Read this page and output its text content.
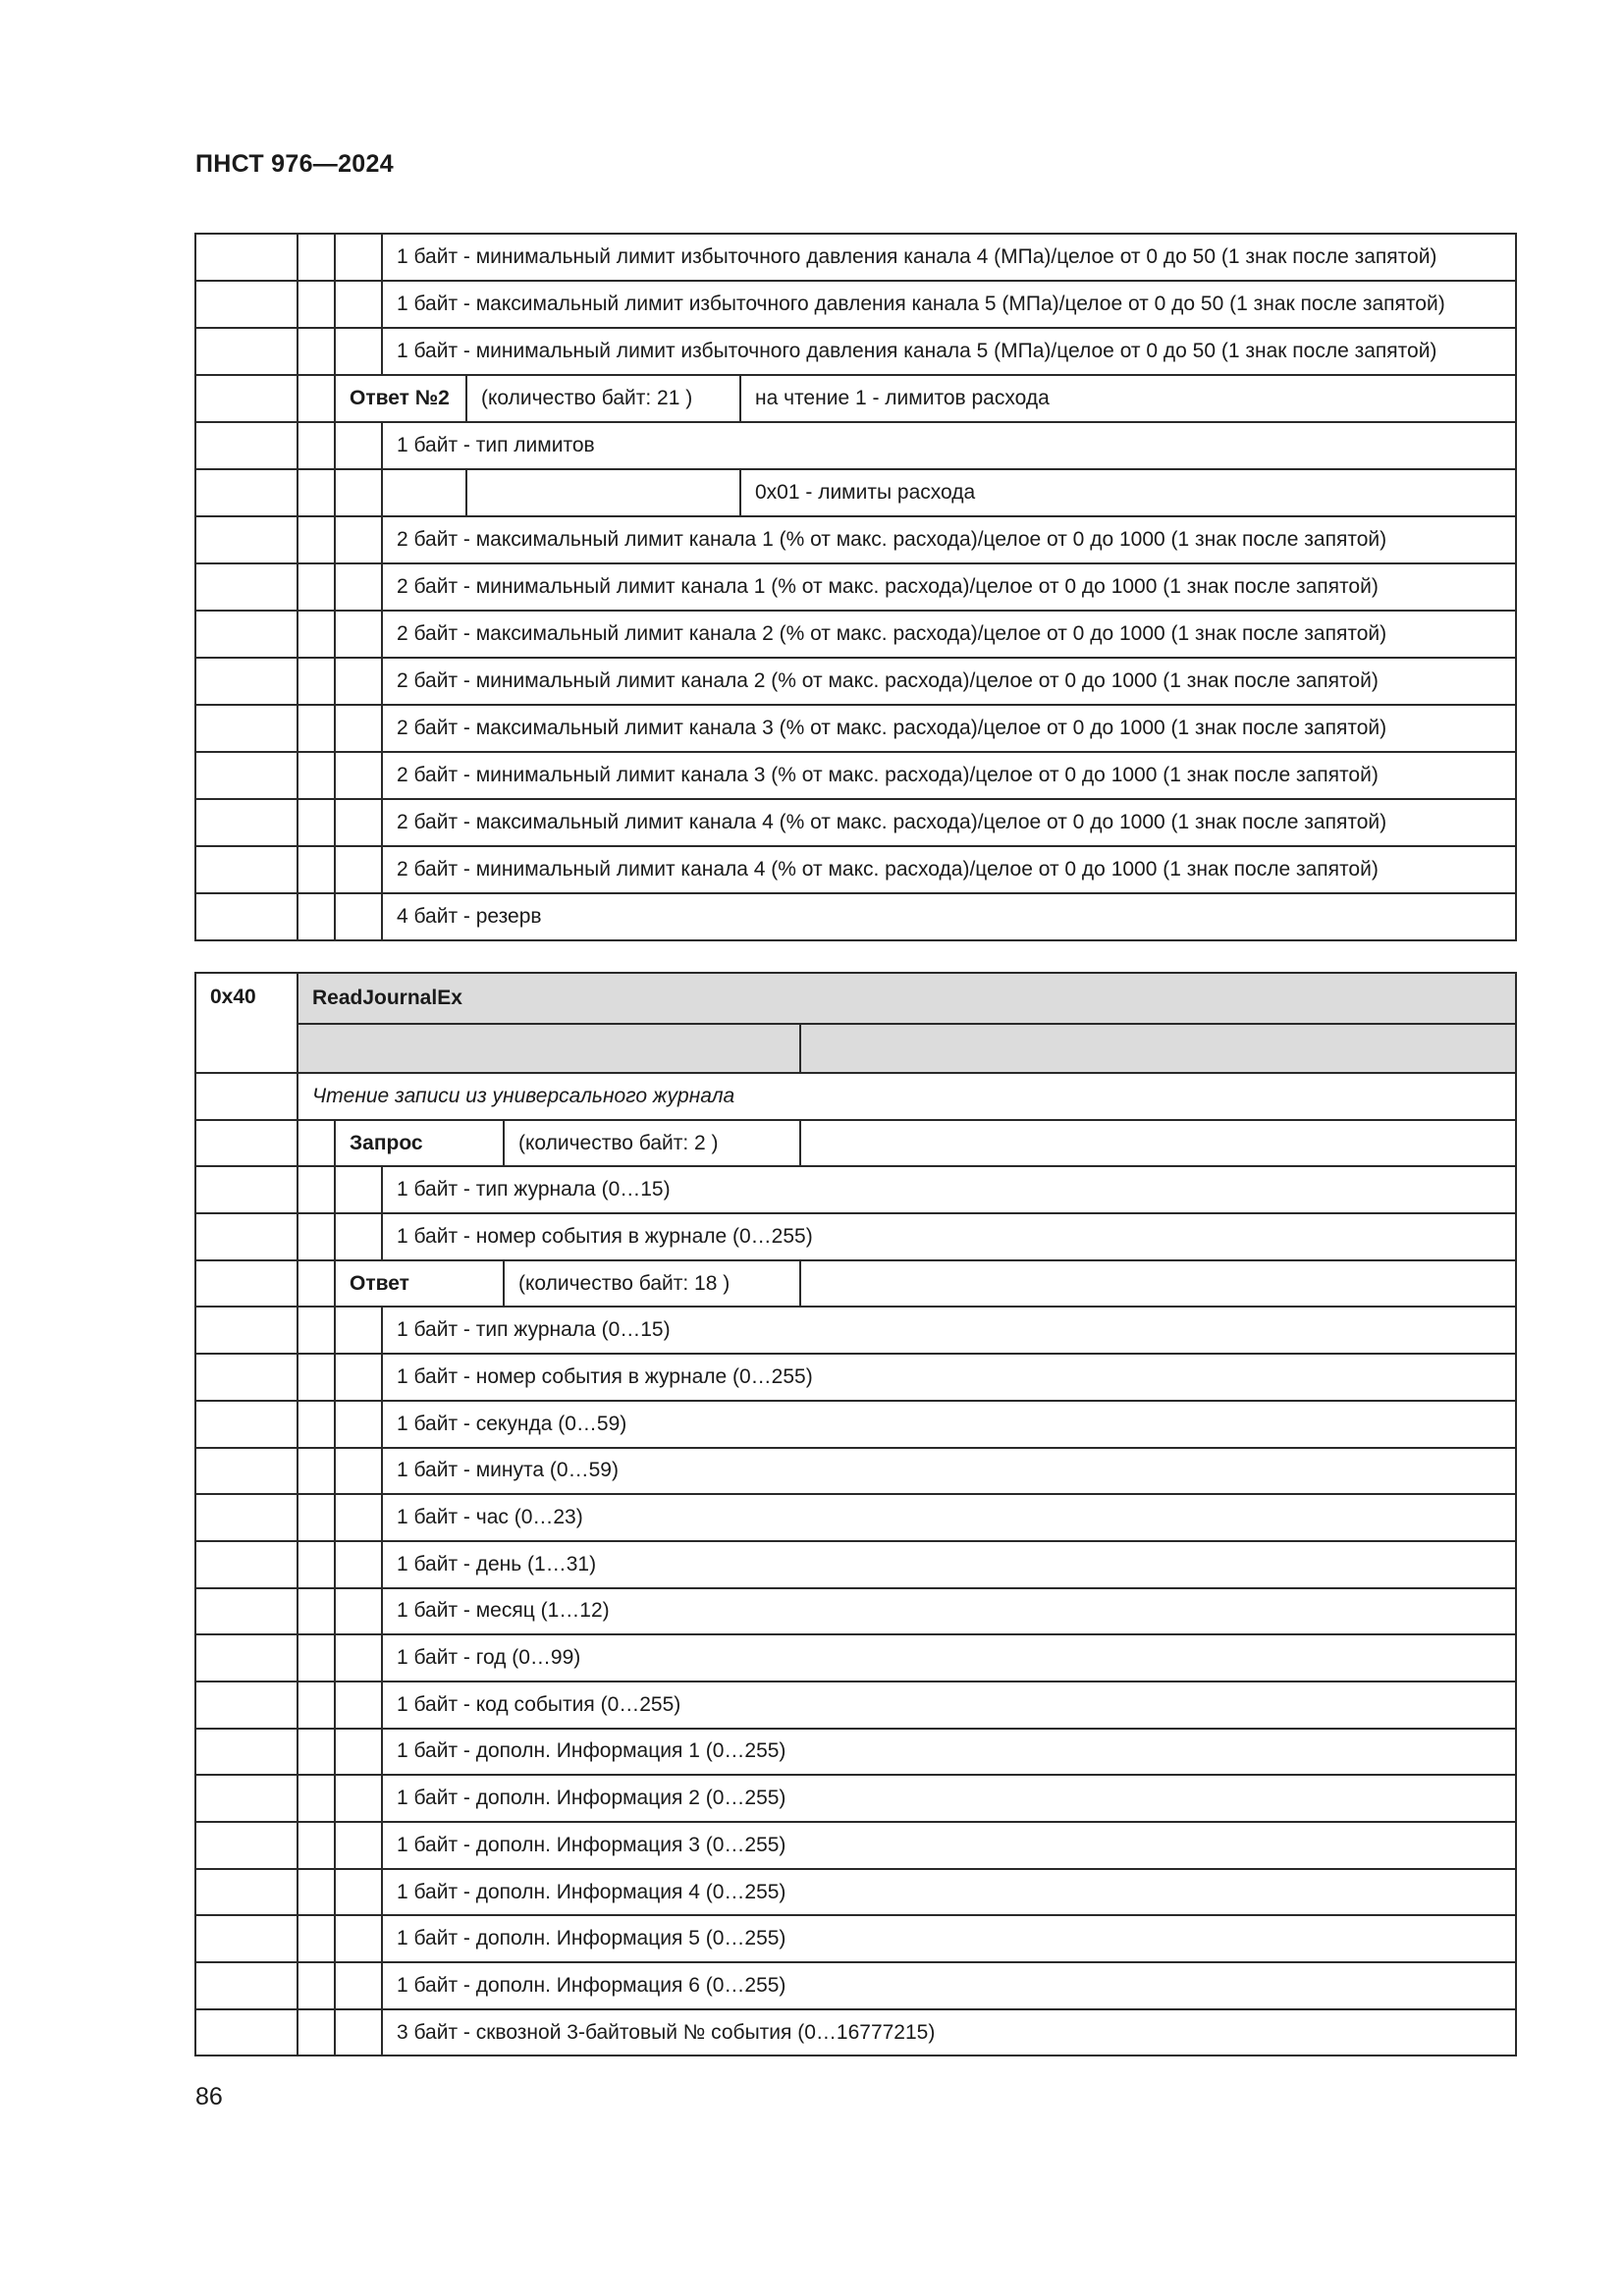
ПНСТ 976—2024
			1 байт - минимальный лимит избыточного давления канала 4 (МПа)/целое от 0 до 50 (1 знак после запятой)		
			1 байт - максимальный лимит избыточного давления канала 5 (МПа)/целое от 0 до 50 (1 знак после запятой)		
			1 байт - минимальный лимит избыточного давления канала 5 (МПа)/целое от 0 до 50 (1 знак после запятой)		
		Ответ №2		(количество байт: 21 )	на чтение 1 - лимитов расхода
			1 байт - тип лимитов		
					0x01 - лимиты расхода
			2 байт - максимальный лимит канала 1 (% от макс. расхода)/целое от 0 до 1000 (1 знак после запятой)		
			2 байт - минимальный лимит канала 1 (% от макс. расхода)/целое от 0 до 1000 (1 знак после запятой)		
			2 байт - максимальный лимит канала 2 (% от макс. расхода)/целое от 0 до 1000 (1 знак после запятой)		
			2 байт - минимальный лимит канала 2 (% от макс. расхода)/целое от 0 до 1000 (1 знак после запятой)		
			2 байт - максимальный лимит канала 3 (% от макс. расхода)/целое от 0 до 1000 (1 знак после запятой)		
			2 байт - минимальный лимит канала 3 (% от макс. расхода)/целое от 0 до 1000 (1 знак после запятой)		
			2 байт - максимальный лимит канала 4 (% от макс. расхода)/целое от 0 до 1000 (1 знак после запятой)		
			2 байт - минимальный лимит канала 4 (% от макс. расхода)/целое от 0 до 1000 (1 знак после запятой)		
			4 байт - резерв		
0x40	ReadJournalEx				

	Чтение записи из универсального журнала				
		Запрос		(количество байт: 2 )	
			1 байт - тип журнала (0…15)		
			1 байт - номер события в журнале (0…255)		
		Ответ		(количество байт: 18 )	
			1 байт - тип журнала (0…15)		
			1 байт - номер события в журнале (0…255)		
			1 байт - секунда (0…59)		
			1 байт - минута (0…59)		
			1 байт - час (0…23)		
			1 байт - день (1…31)		
			1 байт - месяц (1…12)		
			1 байт - год (0…99)		
			1 байт - код события (0…255)		
			1 байт - дополн. Информация 1 (0…255)		
			1 байт - дополн. Информация 2 (0…255)		
			1 байт - дополн. Информация 3 (0…255)		
			1 байт - дополн. Информация 4 (0…255)		
			1 байт - дополн. Информация 5 (0…255)		
			1 байт - дополн. Информация 6 (0…255)		
			3 байт - сквозной 3-байтовый № события (0…16777215)		
86
